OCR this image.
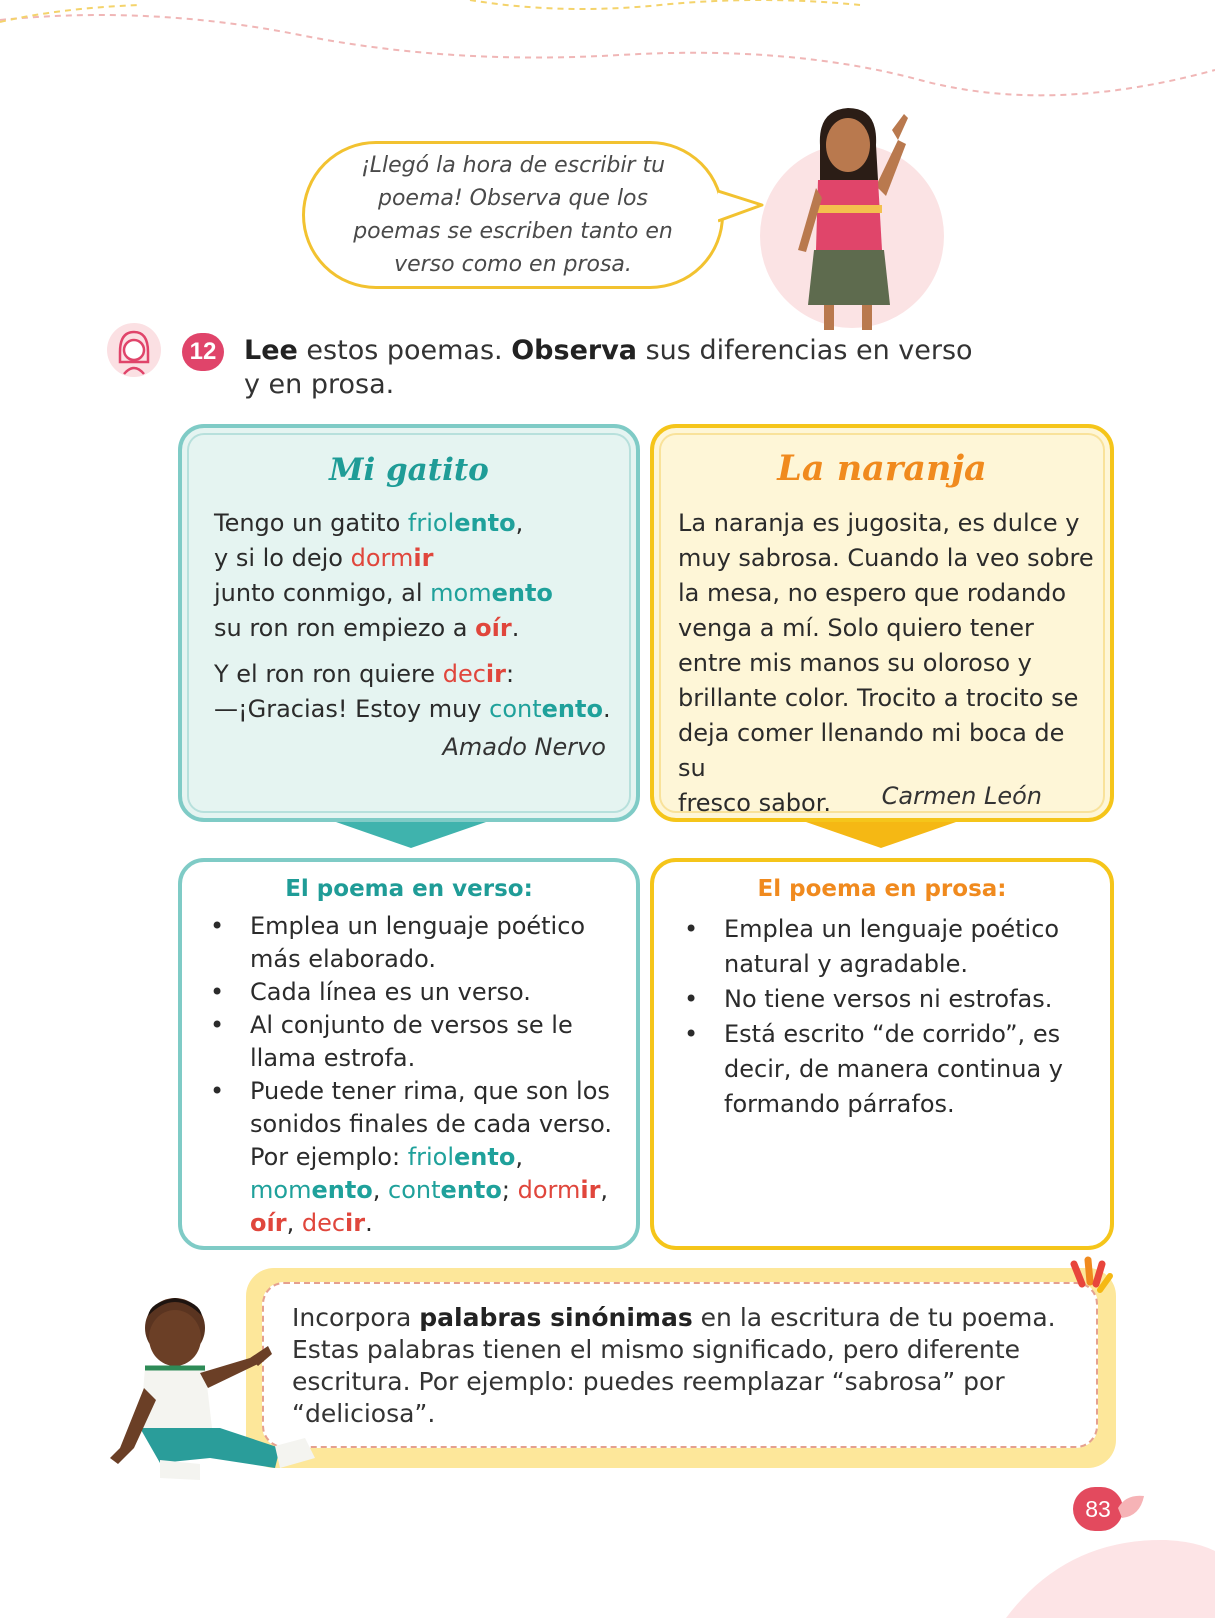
¡Llegó la hora de escribir tu poema! Observa que los poemas se escriben tanto en verso como en prosa.
12 Lee estos poemas. Observa sus diferencias en verso y en prosa.
Mi gatito
Tengo un gatito friolento,
y si lo dejo dormir
junto conmigo, al momento
su ron ron empiezo a oír.
Y el ron ron quiere decir:
—¡Gracias! Estoy muy contento.
Amado Nervo
La naranja
La naranja es jugosita, es dulce y
muy sabrosa. Cuando la veo sobre
la mesa, no espero que rodando
venga a mí. Solo quiero tener
entre mis manos su oloroso y
brillante color. Trocito a trocito se
deja comer llenando mi boca de su
fresco sabor.	Carmen León
El poema en verso:
• Emplea un lenguaje poético más elaborado.
• Cada línea es un verso.
• Al conjunto de versos se le llama estrofa.
• Puede tener rima, que son los sonidos finales de cada verso. Por ejemplo: friolento, momento, contento; dormir, oír, decir.
El poema en prosa:
• Emplea un lenguaje poético natural y agradable.
• No tiene versos ni estrofas.
• Está escrito “de corrido”, es decir, de manera continua y formando párrafos.
Incorpora palabras sinónimas en la escritura de tu poema. Estas palabras tienen el mismo significado, pero diferente escritura. Por ejemplo: puedes reemplazar “sabrosa” por “deliciosa”.
83
